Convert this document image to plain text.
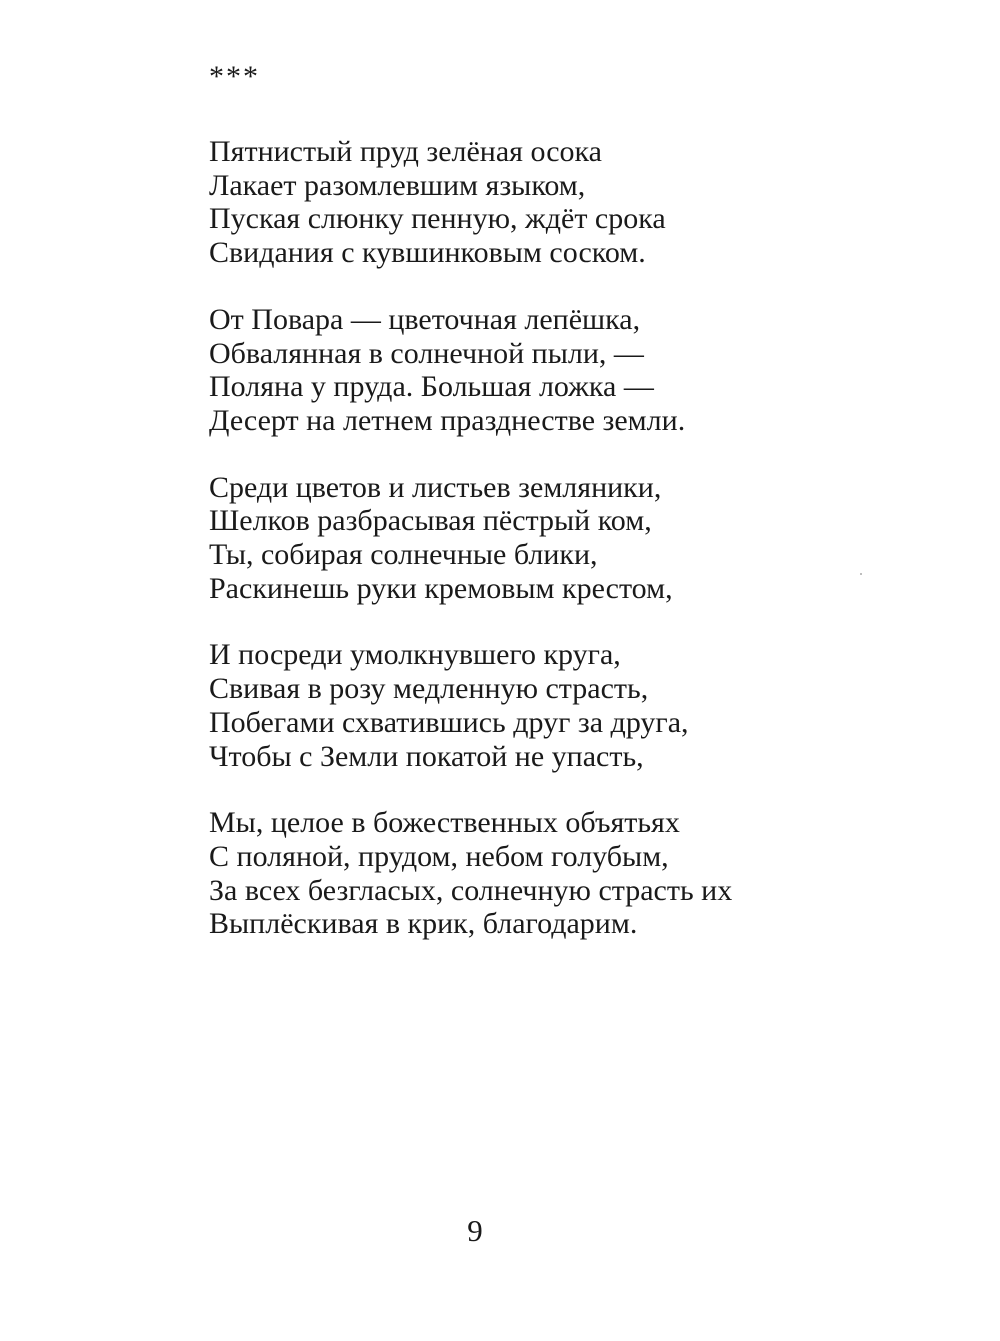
***
Пятнистый пруд зелёная осока
Лакает разомлевшим языком,
Пуская слюнку пенную, ждёт срока
Свидания с кувшинковым соском.
От Повара — цветочная лепёшка,
Обвалянная в солнечной пыли, —
Поляна у пруда. Большая ложка —
Десерт на летнем празднестве земли.
Среди цветов и листьев земляники,
Шелков разбрасывая пёстрый ком,
Ты, собирая солнечные блики,
Раскинешь руки кремовым крестом,
И посреди умолкнувшего круга,
Свивая в розу медленную страсть,
Побегами схватившись друг за друга,
Чтобы с Земли покатой не упасть,
Мы, целое в божественных объятьях
С поляной, прудом, небом голубым,
За всех безгласых, солнечную страсть их
Выплёскивая в крик, благодарим.
9
